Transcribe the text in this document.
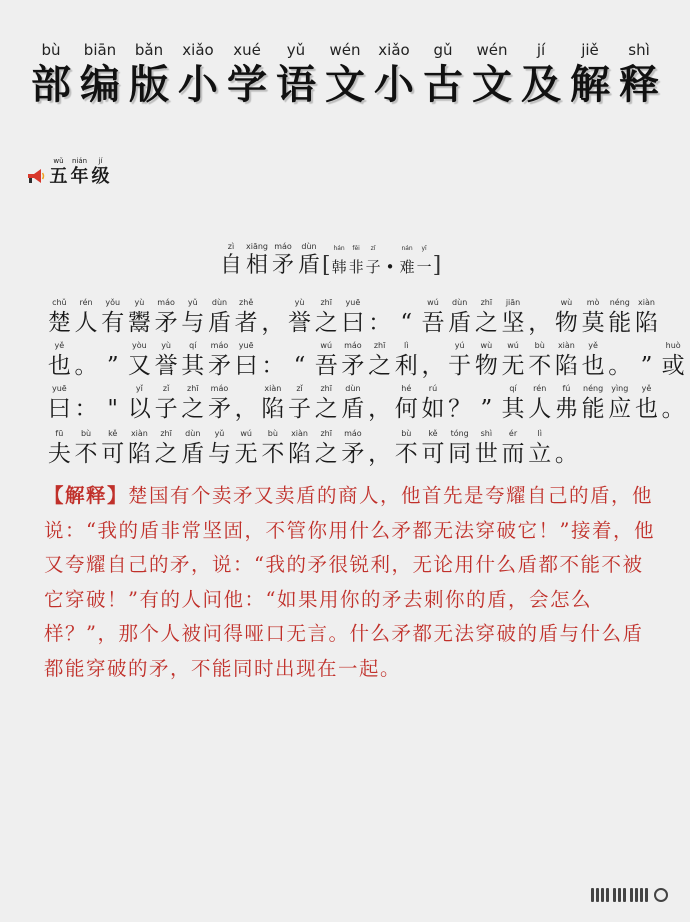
bù
部
biān
编
bǎn
版
xiǎo
小
xué
学
yǔ
语
wén
文
xiǎo
小
gǔ
古
wén
文
jí
及
jiě
解
shì
释
wǔ
五
nián
年
jí
级
zì
自
xiāng
相
máo
矛
dùn
盾 [
hán
韩
fēi
非
zǐ
子 •
nán
难
yī
一 ]
chǔ
楚
rén
人
yǒu
有
yù
鬻
máo
矛
yǔ
与
dùn
盾
zhě
者 ，
yù
誉
zhī
之
yuē
曰 ： “
wú
吾
dùn
盾
zhī
之
jiān
坚 ，
wù
物
mò
莫
néng
能
xiàn
陷
yě
也 。 ”
yòu
又
yù
誉
qí
其
máo
矛
yuē
曰 ： “
wú
吾
máo
矛
zhī
之
lì
利 ，
yú
于
wù
物
wú
无
bù
不
xiàn
陷
yě
也 。 ”
huò
或
yuē
曰 ： "
yǐ
以
zǐ
子
zhī
之
máo
矛 ，
xiàn
陷
zǐ
子
zhī
之
dùn
盾 ，
hé
何
rú
如 ？ ”
qí
其
rén
人
fú
弗
néng
能
yìng
应
yě
也 。
fū
夫
bù
不
kě
可
xiàn
陷
zhī
之
dùn
盾
yǔ
与
wú
无
bù
不
xiàn
陷
zhī
之
máo
矛 ，
bù
不
kě
可
tóng
同
shì
世
ér
而
lì
立 。
【解释】楚国有个卖矛又卖盾的商人，他首先是夸耀自己的盾，他说：“我的盾非常坚固，不管你用什么矛都无法穿破它！”接着，他又夸耀自己的矛，说：“我的矛很锐利，无论用什么盾都不能不被它穿破！”有的人问他：“如果用你的矛去刺你的盾，会怎么样？”，那个人被问得哑口无言。什么矛都无法穿破的盾与什么盾都能穿破的矛，不能同时出现在一起。
